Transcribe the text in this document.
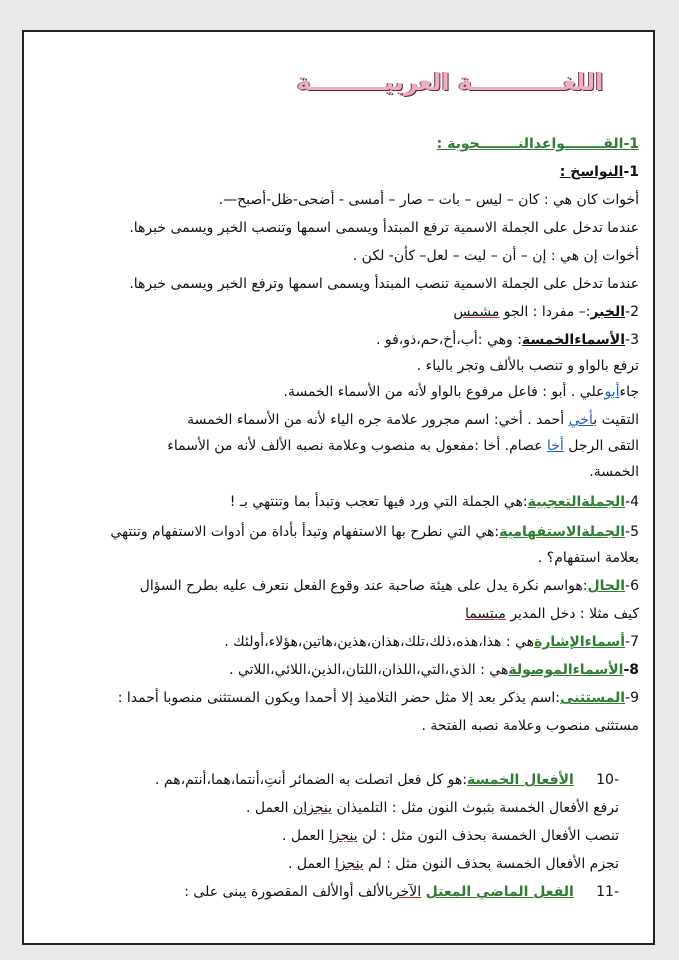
اللغـــــــــــة العربيـــــــــة
1-القــــــــواعدالنــــــــحوية :
1-النواسخ :
أخوات كان هي : كان – ليس – بات – صار – أمسى - أضحى-ظل-أصبح—.
عندما تدخل على الجملة الاسمية ترفع المبتدأ ويسمى اسمها وتنصب الخبر ويسمى خبرها.
أخوات إن هي : إن – أن – ليت – لعل– كأن- لكن .
عندما تدخل على الجملة الاسمية تنصب المبتدأ ويسمى اسمها وترفع الخبر ويسمى خبرها.
2-الخبر:– مفردا : الجو مشمس
3-الأسماءالخمسة: وهي :أب،أخ،حم،ذو،فو .
ترفع بالواو و تنصب بالألف وتجر بالياء .
جاءأبوعلي . أبو : فاعل مرفوع بالواو لأنه من الأسماء الخمسة.
التقيت بأخي أحمد . أخي: اسم مجرور علامة جره الياء لأنه من الأسماء الخمسة
التقى الرجل أخا عصام. أخا :مفعول به منصوب وعلامة نصبه الألف لأنه من الأسماء
الخمسة.
4-الجملةالتعجبية:هي الجملة التي ورد فيها تعجب وتبدأ بما وتنتهي بـ !
5-الجملةالاستفهامية:هي التي نطرح بها الاستفهام وتبدأ بأداة من أدوات الاستفهام وتنتهي
بعلامة استفهام؟ .
6-الحال:هواسم نكرة يدل على هيئة صاحبة عند وقوع الفعل نتعرف عليه بطرح السؤال
كيف مثلا : دخل المدير مبتسما
7-أسماءالإشارةهي : هذا،هذه،ذلك،تلك،هذان،هذين،هاتين،هؤلاء،أولئك .
8-الأسماءالموصولةهي : الذي،التي،اللذان،اللتان،الذين،اللائي،اللاتي .
9-المستثنى:اسم يذكر بعد إلا مثل حضر التلاميذ إلا أحمدا ويكون المستثنى منصوبا أحمدا :
مستثنى منصوب وعلامة نصبه الفتحة .
-10     الأفعال الخمسة:هو كل فعل اتصلت به الضمائر أنتِ،أنتما،هما،أنتم،هم .
ترفع الأفعال الخمسة بثبوث النون مثل : التلميذان ينجزان العمل .
تنصب الأفعال الخمسة بحذف النون مثل : لن ينجزا العمل .
تجزم الأفعال الخمسة بحذف النون مثل : لم ينجزا العمل .
-11     الفعل الماضي المعتل الآخربالألف أوالألف المقصورة يبنى على :
